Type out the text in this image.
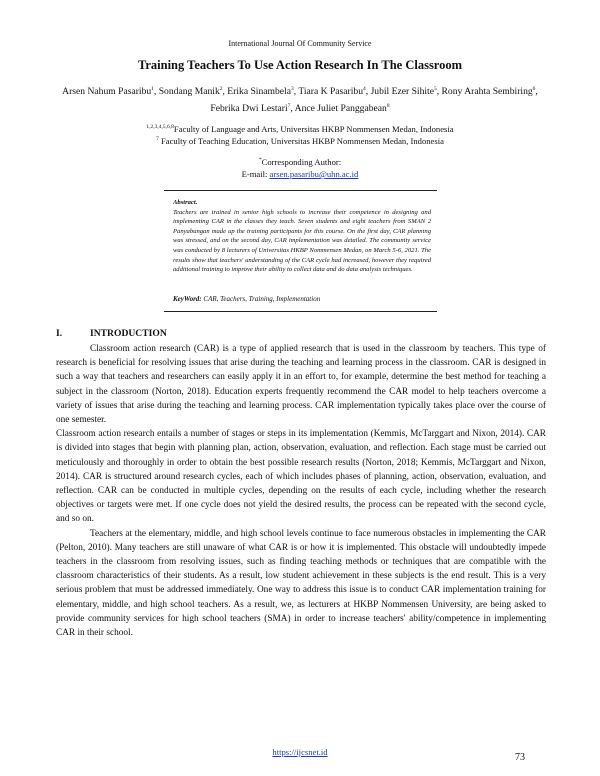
International Journal Of Community Service
Training Teachers To Use Action Research In The Classroom
Arsen Nahum Pasaribu$^1$, Sondang Manik$^2$, Erika Sinambela$^3$, Tiara K Pasaribu$^4$, Jubil Ezer Sihite$^5$, Rony Arahta Sembiring$^6$, Febrika Dwi Lestari$^7$, Ance Juliet Panggabean$^8$
$^{1,2,3,4,5,6,8}$Faculty of Language and Arts, Universitas HKBP Nommensen Medan, Indonesia
$^7$ Faculty of Teaching Education, Universitas HKBP Nommensen Medan, Indonesia
*Corresponding Author:
E-mail: arsen.pasaribu@uhn.ac.id
Abstract.
Teachers are trained in senior high schools to increase their competence in designing and implementing CAR in the classes they teach. Seven students and eight teachers from SMAN 2 Panyabungan made up the training participants for this course. On the first day, CAR planning was stressed, and on the second day, CAR implementation was detailed. The community service was conducted by 8 lecturers of Universitas HKBP Nommensen Medan, on March 5-6, 2021. The results show that teachers' understanding of the CAR cycle had increased, however they required additional training to improve their ability to collect data and do data analysis techniques.
KeyWord: CAR, Teachers, Training, Implementation
I.	INTRODUCTION

Classroom action research (CAR) is a type of applied research that is used in the classroom by teachers. This type of research is beneficial for resolving issues that arise during the teaching and learning process in the classroom. CAR is designed in such a way that teachers and researchers can easily apply it in an effort to, for example, determine the best method for teaching a subject in the classroom (Norton, 2018). Education experts frequently recommend the CAR model to help teachers overcome a variety of issues that arise during the teaching and learning process. CAR implementation typically takes place over the course of one semester.

Classroom action research entails a number of stages or steps in its implementation (Kemmis, McTarggart and Nixon, 2014). CAR is divided into stages that begin with planning plan, action, observation, evaluation, and reflection. Each stage must be carried out meticulously and thoroughly in order to obtain the best possible research results (Norton, 2018; Kemmis, McTarggart and Nixon, 2014). CAR is structured around research cycles, each of which includes phases of planning, action, observation, evaluation, and reflection. CAR can be conducted in multiple cycles, depending on the results of each cycle, including whether the research objectives or targets were met. If one cycle does not yield the desired results, the process can be repeated with the second cycle, and so on.

Teachers at the elementary, middle, and high school levels continue to face numerous obstacles in implementing the CAR (Pelton, 2010). Many teachers are still unaware of what CAR is or how it is implemented. This obstacle will undoubtedly impede teachers in the classroom from resolving issues, such as finding teaching methods or techniques that are compatible with the classroom characteristics of their students. As a result, low student achievement in these subjects is the end result. This is a very serious problem that must be addressed immediately. One way to address this issue is to conduct CAR implementation training for elementary, middle, and high school teachers. As a result, we, as lecturers at HKBP Nommensen University, are being asked to provide community services for high school teachers (SMA) in order to increase teachers' ability/competence in implementing CAR in their school.

https://ijcsnet.id	73
